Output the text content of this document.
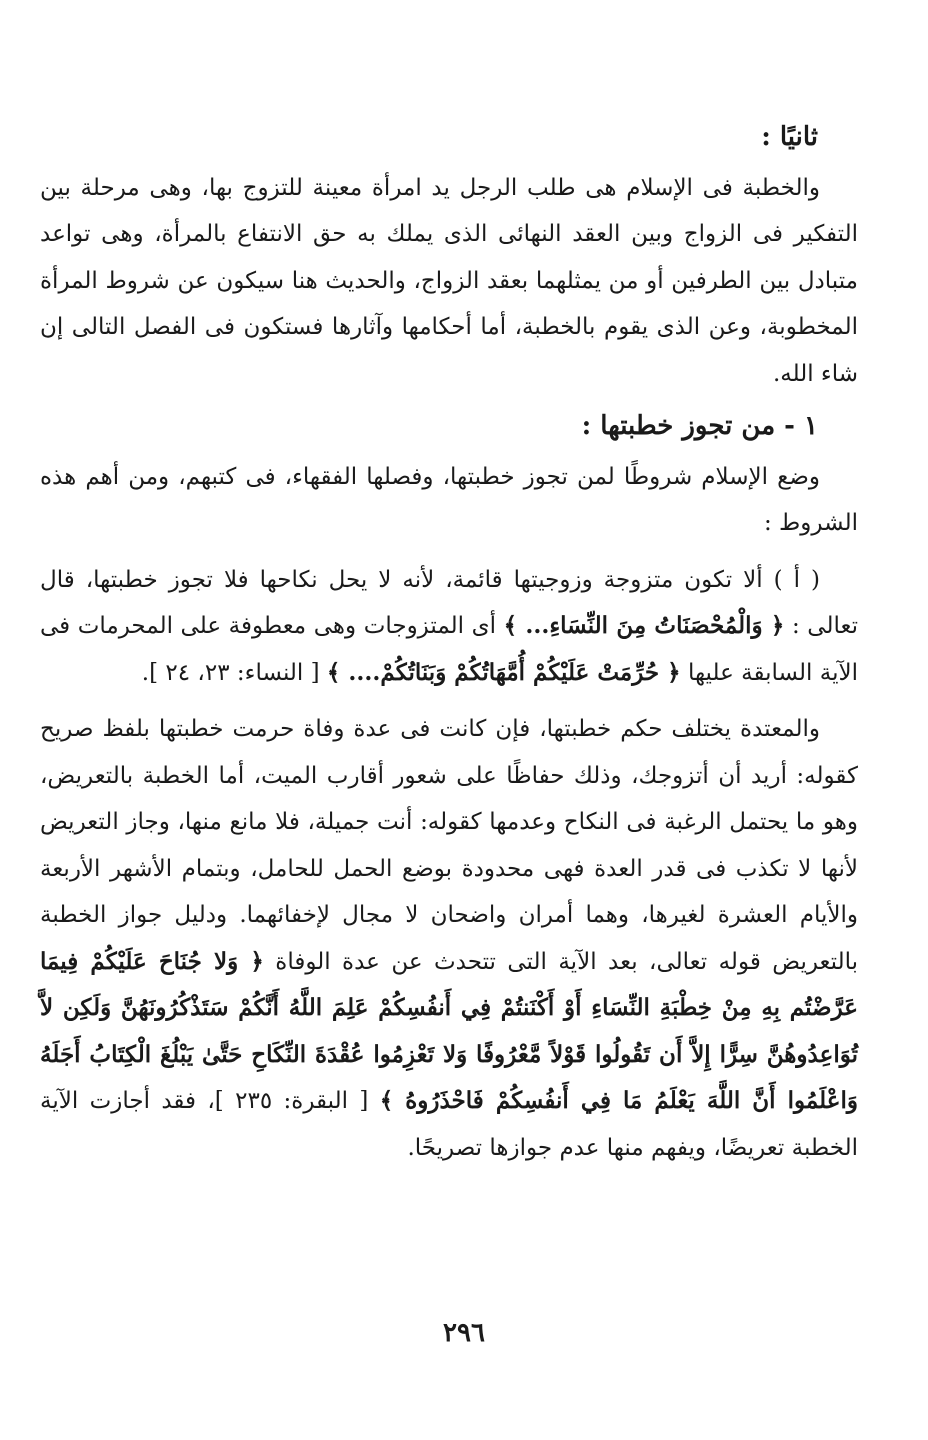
ثانيًا :

والخطبة فى الإسلام هى طلب الرجل يد امرأة معينة للتزوج بها، وهى مرحلة بين التفكير فى الزواج وبين العقد النهائى الذى يملك به حق الانتفاع بالمرأة، وهى تواعد متبادل بين الطرفين أو من يمثلهما بعقد الزواج، والحديث هنا سيكون عن شروط المرأة المخطوبة، وعن الذى يقوم بالخطبة، أما أحكامها وآثارها فستكون فى الفصل التالى إن شاء الله.

١ - من تجوز خطبتها :

وضع الإسلام شروطًا لمن تجوز خطبتها، وفصلها الفقهاء، فى كتبهم، ومن أهم هذه الشروط :

( أ ) ألا تكون متزوجة وزوجيتها قائمة، لأنه لا يحل نكاحها فلا تجوز خطبتها، قال تعالى : ﴿ وَالْمُحْصَنَاتُ مِنَ النِّسَاءِ... ﴾ أى المتزوجات وهى معطوفة على المحرمات فى الآية السابقة عليها ﴿ حُرِّمَتْ عَلَيْكُمْ أُمَّهَاتُكُمْ وَبَنَاتُكُمْ.... ﴾ [ النساء: ٢٣، ٢٤ ].

والمعتدة يختلف حكم خطبتها، فإن كانت فى عدة وفاة حرمت خطبتها بلفظ صريح كقوله: أريد أن أتزوجك، وذلك حفاظًا على شعور أقارب الميت، أما الخطبة بالتعريض، وهو ما يحتمل الرغبة فى النكاح وعدمها كقوله: أنت جميلة، فلا مانع منها، وجاز التعريض لأنها لا تكذب فى قدر العدة فهى محدودة بوضع الحمل للحامل، وبتمام الأشهر الأربعة والأيام العشرة لغيرها، وهما أمران واضحان لا مجال لإخفائهما. ودليل جواز الخطبة بالتعريض قوله تعالى، بعد الآية التى تتحدث عن عدة الوفاة ﴿ وَلا جُنَاحَ عَلَيْكُمْ فِيمَا عَرَّضْتُم بِهِ مِنْ خِطْبَةِ النِّسَاءِ أَوْ أَكْنَنتُمْ فِي أَنفُسِكُمْ عَلِمَ اللَّهُ أَنَّكُمْ سَتَذْكُرُونَهُنَّ وَلَكِن لاَّ تُوَاعِدُوهُنَّ سِرًّا إِلاَّ أَن تَقُولُوا قَوْلاً مَّعْرُوفًا وَلا تَعْزِمُوا عُقْدَةَ النِّكَاحِ حَتَّىٰ يَبْلُغَ الْكِتَابُ أَجَلَهُ وَاعْلَمُوا أَنَّ اللَّهَ يَعْلَمُ مَا فِي أَنفُسِكُمْ فَاحْذَرُوهُ ﴾ [ البقرة: ٢٣٥ ]، فقد أجازت الآية الخطبة تعريضًا، ويفهم منها عدم جوازها تصريحًا.

٢٩٦
